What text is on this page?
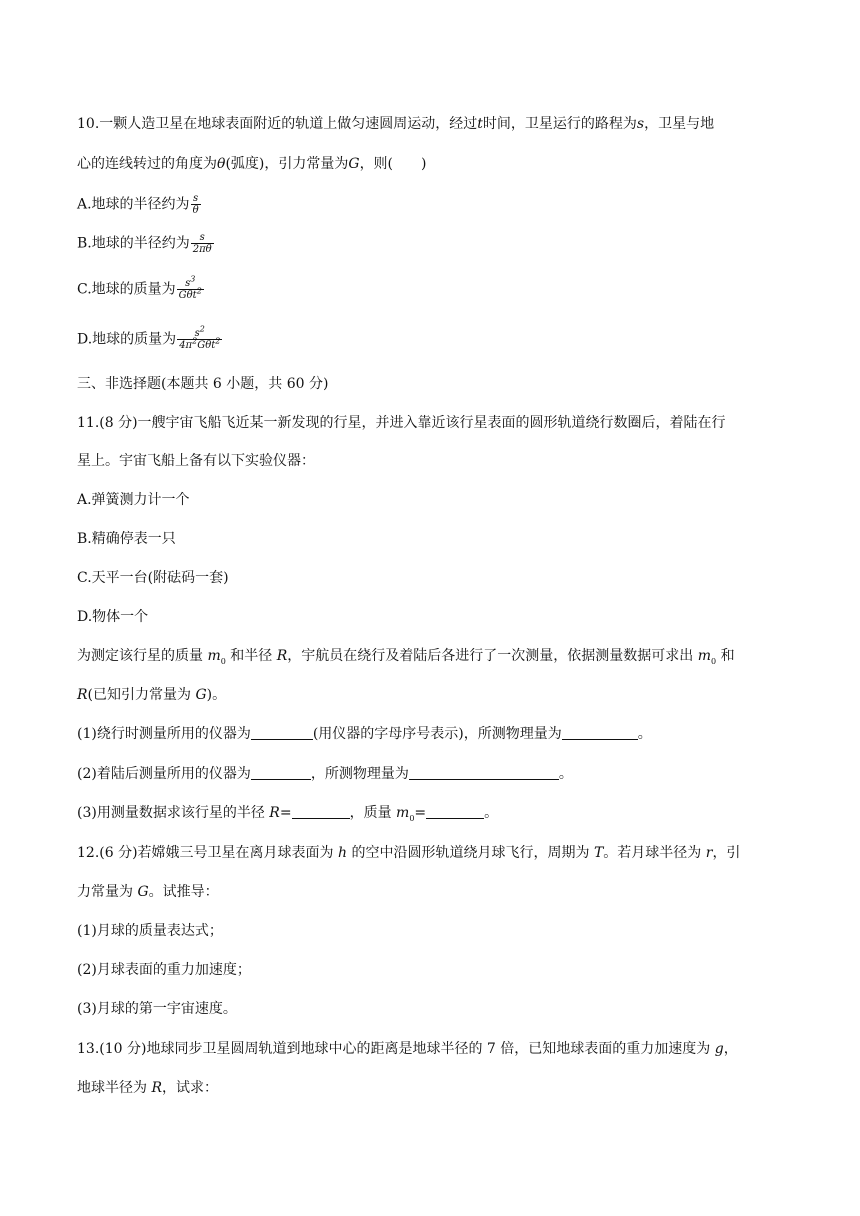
10.一颗人造卫星在地球表面附近的轨道上做匀速圆周运动，经过t时间，卫星运行的路程为s，卫星与地
心的连线转过的角度为θ(弧度)，引力常量为G，则(　　)
A.地球的半径约为 $\frac{s}{\theta}$
B.地球的半径约为 $\frac{s}{2\pi\theta}$
C.地球的质量为 $\frac{s^3}{G\theta t^2}$
D.地球的质量为 $\frac{s^2}{4\pi^2G\theta t^2}$
三、非选择题(本题共 6 小题，共 60 分)
11.(8 分)一艘宇宙飞船飞近某一新发现的行星，并进入靠近该行星表面的圆形轨道绕行数圈后，着陆在行
星上。宇宙飞船上备有以下实验仪器：
A.弹簧测力计一个
B.精确停表一只
C.天平一台(附砝码一套)
D.物体一个
为测定该行星的质量 $m_0$ 和半径 R，宇航员在绕行及着陆后各进行了一次测量，依据测量数据可求出 $m_0$ 和
R(已知引力常量为 G)。
(1)绕行时测量所用的仪器为	(用仪器的字母序号表示)，所测物理量为	。
(2)着陆后测量所用的仪器为	，所测物理量为	。
(3)用测量数据求该行星的半径 R=	，质量 $m_0=$	。
12.(6 分)若嫦娥三号卫星在离月球表面为 h 的空中沿圆形轨道绕月球飞行，周期为 T。若月球半径为 r，引
力常量为 G。试推导：
(1)月球的质量表达式；
(2)月球表面的重力加速度；
(3)月球的第一宇宙速度。
13.(10 分)地球同步卫星圆周轨道到地球中心的距离是地球半径的 7 倍，已知地球表面的重力加速度为 g，
地球半径为 R，试求：
